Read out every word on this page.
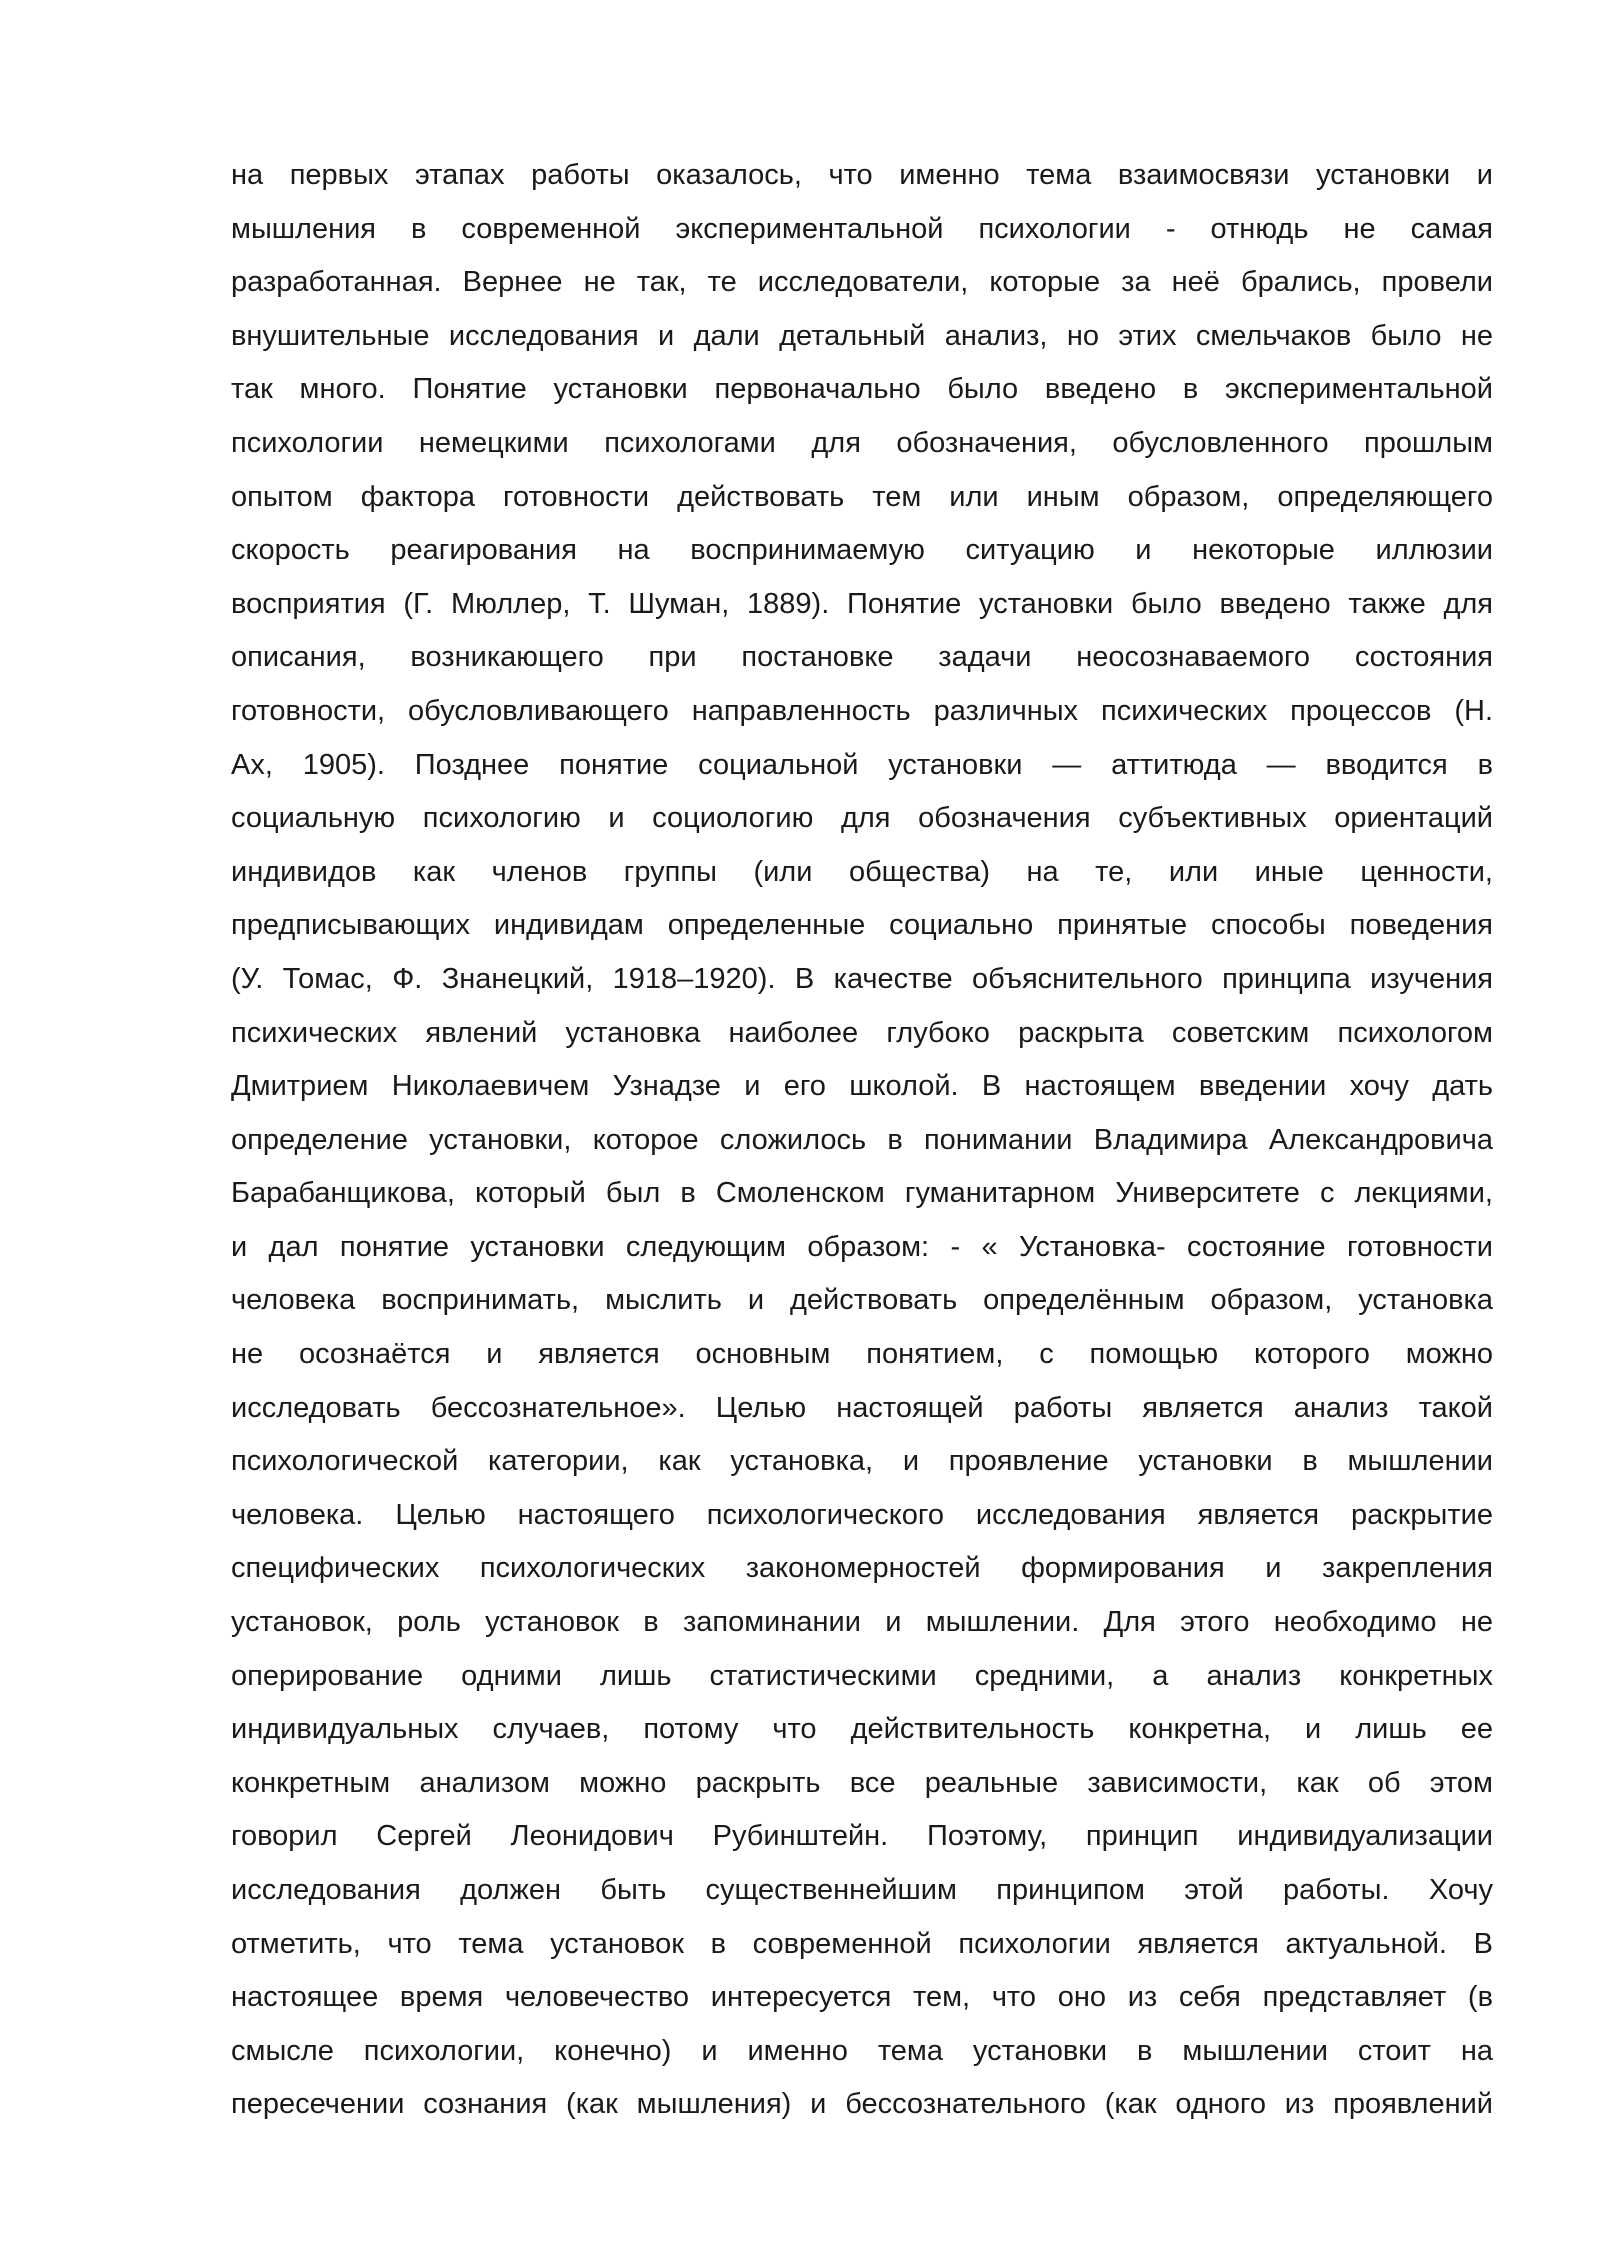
на первых этапах работы оказалось, что именно тема взаимосвязи установки и
мышления в современной экспериментальной психологии - отнюдь не самая
разработанная. Вернее не так, те исследователи, которые за неё брались, провели
внушительные исследования и дали детальный анализ, но этих смельчаков было не
так много. Понятие установки первоначально было введено в экспериментальной
психологии немецкими психологами для обозначения, обусловленного прошлым
опытом фактора готовности действовать тем или иным образом, определяющего
скорость реагирования на воспринимаемую ситуацию и некоторые иллюзии
восприятия (Г. Мюллер, Т. Шуман, 1889). Понятие установки было введено также для
описания, возникающего при постановке задачи неосознаваемого состояния
готовности, обусловливающего направленность различных психических процессов (Н.
Ах, 1905). Позднее понятие социальной установки — аттитюда — вводится в
социальную психологию и социологию для обозначения субъективных ориентаций
индивидов как членов группы (или общества) на те, или иные ценности,
предписывающих индивидам определенные социально принятые способы поведения
(У. Томас, Ф. Знанецкий, 1918–1920). В качестве объяснительного принципа изучения
психических явлений установка наиболее глубоко раскрыта советским психологом
Дмитрием Николаевичем Узнадзе и его школой. В настоящем введении хочу дать
определение установки, которое сложилось в понимании Владимира Александровича
Барабанщикова, который был в Смоленском гуманитарном Университете с лекциями,
и дал понятие установки следующим образом: - « Установка- состояние готовности
человека воспринимать, мыслить и действовать определённым образом, установка
не осознаётся и является основным понятием, с помощью которого можно
исследовать бессознательное». Целью настоящей работы является анализ такой
психологической категории, как установка, и проявление установки в мышлении
человека. Целью настоящего психологического исследования является раскрытие
специфических психологических закономерностей формирования и закрепления
установок, роль установок в запоминании и мышлении. Для этого необходимо не
оперирование одними лишь статистическими средними, а анализ конкретных
индивидуальных случаев, потому что действительность конкретна, и лишь ее
конкретным анализом можно раскрыть все реальные зависимости, как об этом
говорил Сергей Леонидович Рубинштейн. Поэтому, принцип индивидуализации
исследования должен быть существеннейшим принципом этой работы. Хочу
отметить, что тема установок в современной психологии является актуальной. В
настоящее время человечество интересуется тем, что оно из себя представляет (в
смысле психологии, конечно) и именно тема установки в мышлении стоит на
пересечении сознания (как мышления) и бессознательного (как одного из проявлений
